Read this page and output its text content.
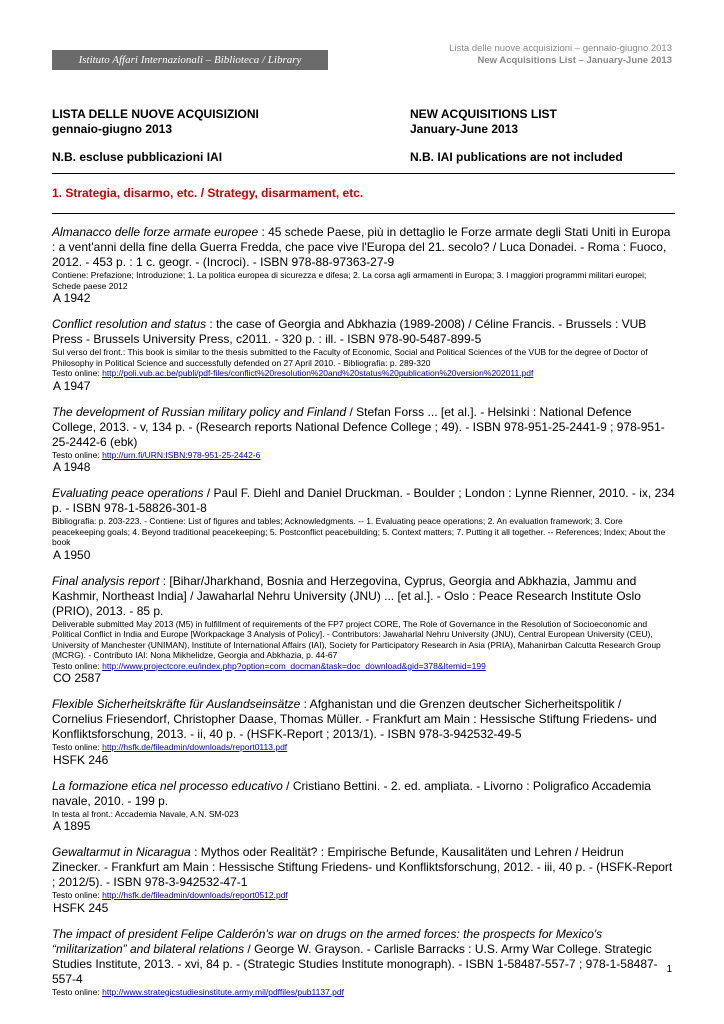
Istituto Affari Internazionali – Biblioteca / Library
Lista delle nuove acquisizioni – gennaio-giugno 2013
New Acquisitions List – January-June 2013
LISTA DELLE NUOVE ACQUISIZIONI
gennaio-giugno 2013
N.B. escluse pubblicazioni IAI
NEW ACQUISITIONS LIST
January-June 2013
N.B. IAI publications are not included
1. Strategia, disarmo, etc. / Strategy, disarmament, etc.
Almanacco delle forze armate europee : 45 schede Paese, più in dettaglio le Forze armate degli Stati Uniti in Europa : a vent'anni della fine della Guerra Fredda, che pace vive l'Europa del 21. secolo? / Luca Donadei. - Roma : Fuoco, 2012. - 453 p. : 1 c. geogr. - (Incroci). - ISBN 978-88-97363-27-9
Contiene: Prefazione; Introduzione; 1. La politica europea di sicurezza e difesa; 2. La corsa agli armamenti in Europa; 3. I maggiori programmi militari europei; Schede paese 2012
A 1942
Conflict resolution and status : the case of Georgia and Abkhazia (1989-2008) / Céline Francis. - Brussels : VUB Press - Brussels University Press, c2011. - 320 p. : ill. - ISBN 978-90-5487-899-5
Sul verso del front.: This book is similar to the thesis submitted to the Faculty of Economic, Social and Political Sciences of the VUB for the degree of Doctor of Philosophy in Political Science and successfully defended on 27 April 2010. - Bibliografia: p. 289-320
Testo online: http://poli.vub.ac.be/publi/pdf-files/conflict%20resolution%20and%20status%20publication%20version%202011.pdf
A 1947
The development of Russian military policy and Finland / Stefan Forss ... [et al.]. - Helsinki : National Defence College, 2013. - v, 134 p. - (Research reports National Defence College ; 49). - ISBN 978-951-25-2441-9 ; 978-951-25-2442-6 (ebk)
Testo online: http://urn.fi/URN:ISBN:978-951-25-2442-6
A 1948
Evaluating peace operations / Paul F. Diehl and Daniel Druckman. - Boulder ; London : Lynne Rienner, 2010. - ix, 234 p. - ISBN 978-1-58826-301-8
Bibliografia: p. 203-223. - Contiene: List of figures and tables; Acknowledgments. -- 1. Evaluating peace operations; 2. An evaluation framework; 3. Core peacekeeping goals; 4. Beyond traditional peacekeeping; 5. Postconflict peacebuilding; 5. Context matters; 7. Putting it all together. -- References; Index; About the book
A 1950
Final analysis report : [Bihar/Jharkhand, Bosnia and Herzegovina, Cyprus, Georgia and Abkhazia, Jammu and Kashmir, Northeast India] / Jawaharlal Nehru University (JNU) ... [et al.]. - Oslo : Peace Research Institute Oslo (PRIO), 2013. - 85 p.
Deliverable submitted May 2013 (M5) in fulfillment of requirements of the FP7 project CORE, The Role of Governance in the Resolution of Socioeconomic and Political Conflict in India and Europe [Workpackage 3 Analysis of Policy]. - Contributors: Jawaharlal Nehru University (JNU), Central European University (CEU), University of Manchester (UNIMAN), Institute of International Affairs (IAI), Society for Participatory Research in Asia (PRIA), Mahanirban Calcutta Research Group (MCRG). - Contributo IAI: Nona Mikhelidze, Georgia and Abkhazia, p. 44-67
Testo online: http://www.projectcore.eu/index.php?option=com_docman&task=doc_download&gid=378&Itemid=199
CO 2587
Flexible Sicherheitskräfte für Auslandseinsätze : Afghanistan und die Grenzen deutscher Sicherheitspolitik / Cornelius Friesendorf, Christopher Daase, Thomas Müller. - Frankfurt am Main : Hessische Stiftung Friedens- und Konfliktsforschung, 2013. - ii, 40 p. - (HSFK-Report ; 2013/1). - ISBN 978-3-942532-49-5
Testo online: http://hsfk.de/fileadmin/downloads/report0113.pdf
HSFK 246
La formazione etica nel processo educativo / Cristiano Bettini. - 2. ed. ampliata. - Livorno : Poligrafico Accademia navale, 2010. - 199 p.
In testa al front.: Accademia Navale, A.N. SM-023
A 1895
Gewaltarmut in Nicaragua : Mythos oder Realität? : Empirische Befunde, Kausalitäten und Lehren / Heidrun Zinecker. - Frankfurt am Main : Hessische Stiftung Friedens- und Konfliktsforschung, 2012. - iii, 40 p. - (HSFK-Report ; 2012/5). - ISBN 978-3-942532-47-1
Testo online: http://hsfk.de/fileadmin/downloads/report0512.pdf
HSFK 245
The impact of president Felipe Calderón's war on drugs on the armed forces: the prospects for Mexico's “militarization” and bilateral relations / George W. Grayson. - Carlisle Barracks : U.S. Army War College. Strategic Studies Institute, 2013. - xvi, 84 p. - (Strategic Studies Institute monograph). - ISBN 1-58487-557-7 ; 978-1-58487-557-4
Testo online: http://www.strategicstudiesinstitute.army.mil/pdffiles/pub1137.pdf
1
